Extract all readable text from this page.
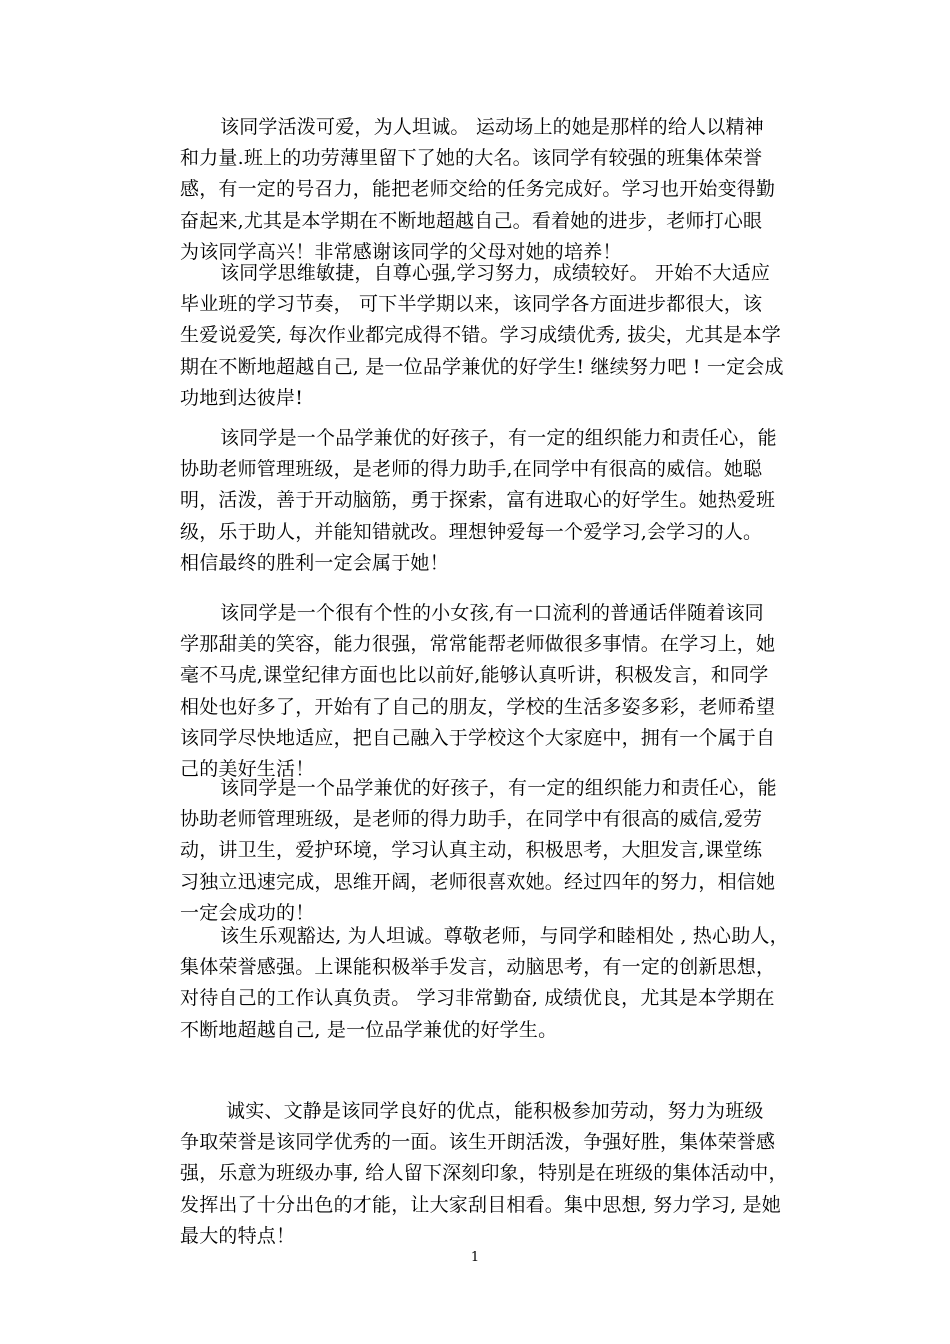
该同学活泼可爱，为人坦诚。 运动场上的她是那样的给人以精神
和力量.班上的功劳薄里留下了她的大名。该同学有较强的班集体荣誉
感，有一定的号召力，能把老师交给的任务完成好。学习也开始变得勤
奋起来,尤其是本学期在不断地超越自己。看着她的进步，老师打心眼
为该同学高兴！非常感谢该同学的父母对她的培养！
该同学思维敏捷，自尊心强,学习努力，成绩较好。 开始不大适应
毕业班的学习节奏， 可下半学期以来，该同学各方面进步都很大，该
生爱说爱笑, 每次作业都完成得不错。学习成绩优秀, 拔尖，尤其是本学
期在不断地超越自己, 是一位品学兼优的好学生! 继续努力吧 ! 一定会成
功地到达彼岸!
该同学是一个品学兼优的好孩子，有一定的组织能力和责任心，能
协助老师管理班级，是老师的得力助手,在同学中有很高的威信。她聪
明，活泼，善于开动脑筋，勇于探索，富有进取心的好学生。她热爱班
级，乐于助人，并能知错就改。理想钟爱每一个爱学习,会学习的人。
相信最终的胜利一定会属于她！
该同学是一个很有个性的小女孩,有一口流利的普通话伴随着该同
学那甜美的笑容，能力很强，常常能帮老师做很多事情。在学习上，她
毫不马虎,课堂纪律方面也比以前好,能够认真听讲，积极发言，和同学
相处也好多了，开始有了自己的朋友，学校的生活多姿多彩，老师希望
该同学尽快地适应，把自己融入于学校这个大家庭中，拥有一个属于自
己的美好生活！
该同学是一个品学兼优的好孩子，有一定的组织能力和责任心，能
协助老师管理班级，是老师的得力助手，在同学中有很高的威信,爱劳
动，讲卫生，爱护环境，学习认真主动，积极思考，大胆发言,课堂练
习独立迅速完成，思维开阔，老师很喜欢她。经过四年的努力，相信她
一定会成功的！
该生乐观豁达, 为人坦诚。尊敬老师，与同学和睦相处 , 热心助人，
集体荣誉感强。上课能积极举手发言，动脑思考，有一定的创新思想，
对待自己的工作认真负责。 学习非常勤奋, 成绩优良，尤其是本学期在
不断地超越自己, 是一位品学兼优的好学生。
诚实、文静是该同学良好的优点，能积极参加劳动，努力为班级
争取荣誉是该同学优秀的一面。该生开朗活泼，争强好胜，集体荣誉感
强，乐意为班级办事, 给人留下深刻印象，特别是在班级的集体活动中，
发挥出了十分出色的才能，让大家刮目相看。集中思想, 努力学习, 是她
最大的特点！
1
